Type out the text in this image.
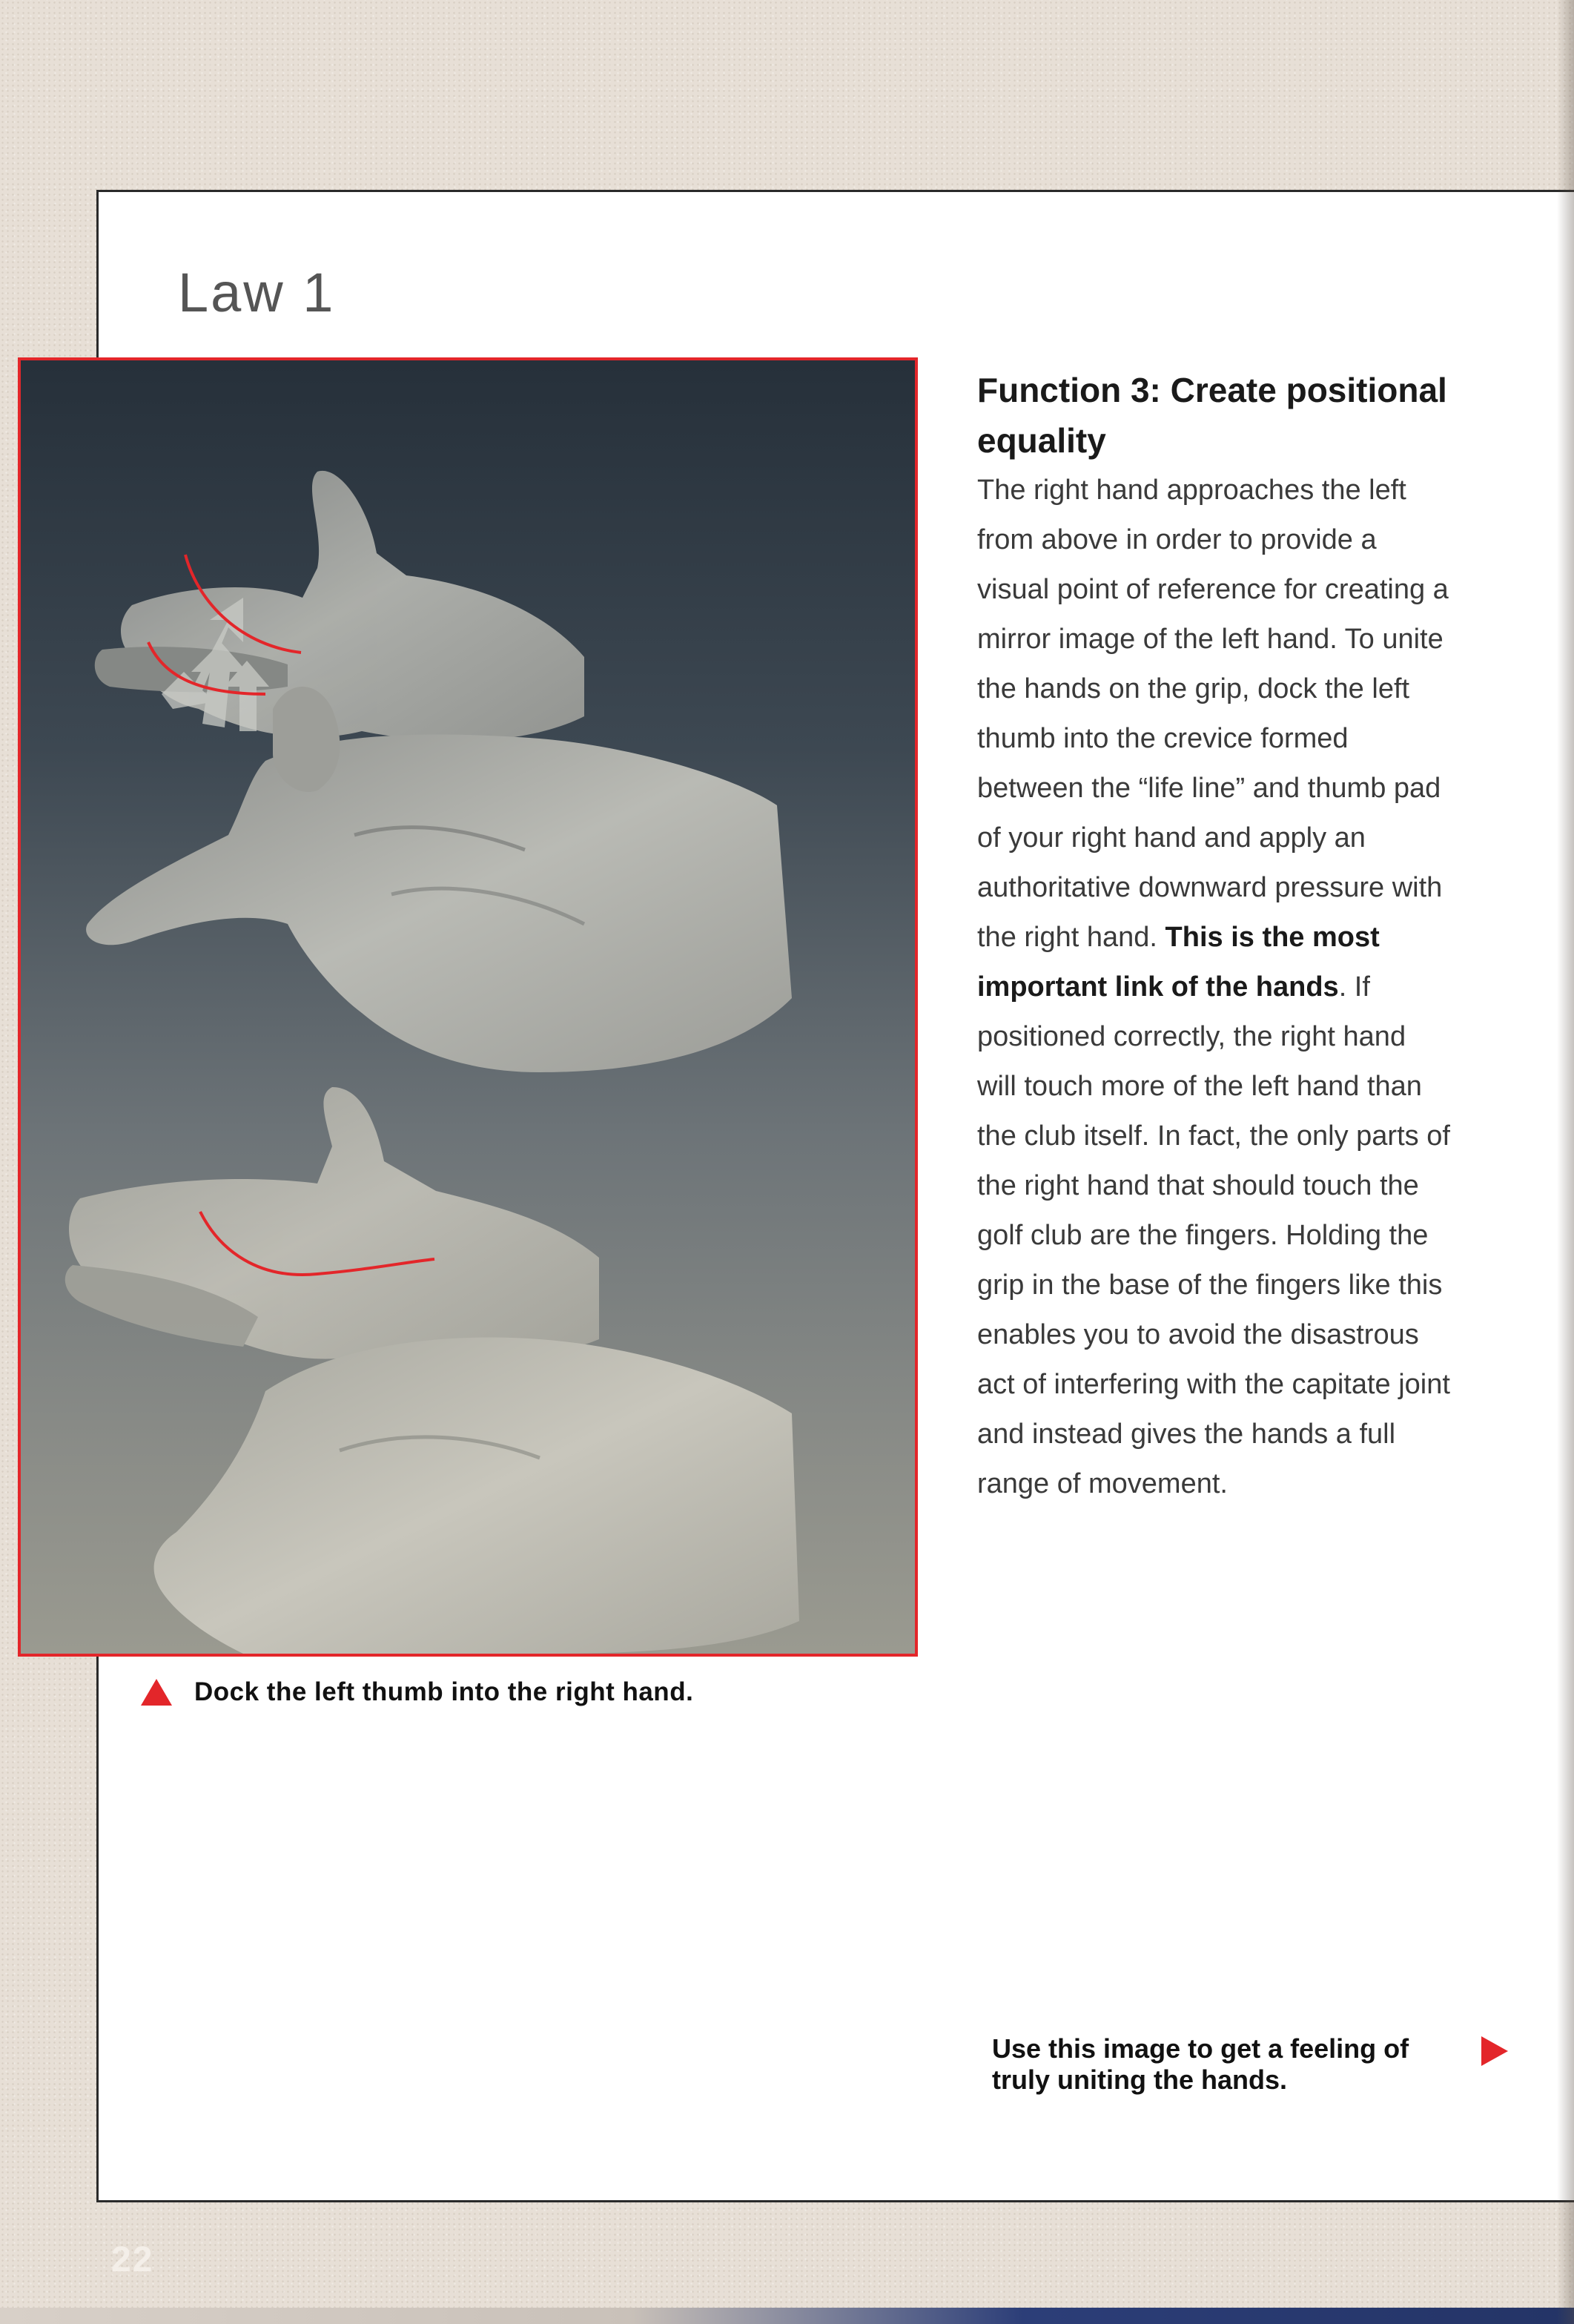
Law 1
Dock the left thumb into the right hand.
Function 3: Create positional equality

The right hand approaches the left from above in order to provide a visual point of reference for creating a mirror image of the left hand. To unite the hands on the grip, dock the left thumb into the crevice formed between the “life line” and thumb pad of your right hand and apply an authoritative downward pressure with the right hand. This is the most important link of the hands. If positioned correctly, the right hand will touch more of the left hand than the club itself. In fact, the only parts of the right hand that should touch the golf club are the fingers. Holding the grip in the base of the fingers like this enables you to avoid the disastrous act of interfering with the capitate joint and instead gives the hands a full range of movement.

Use this image to get a feeling of truly uniting the hands.
22
